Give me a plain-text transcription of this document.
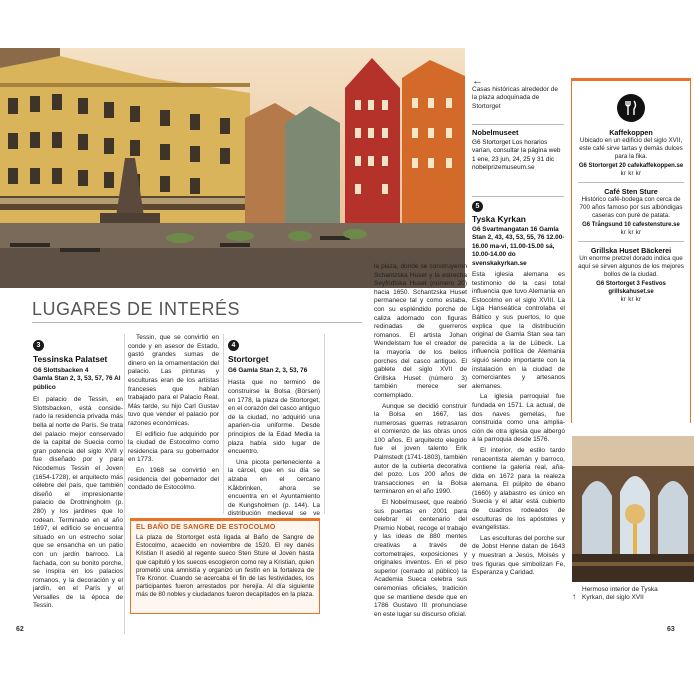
←
Casas históricas alrededor de la plaza adoquinada de Stortorget
Nobelmuseet
G6 Stortorget Los horarios varían, consultar la página web 1 ene, 23 jun, 24, 25 y 31 dic nobelprizemuseum.se
5
Tyska Kyrkan
G6 Svartmangatan 16 Gamla Stan 2, 43, 43, 53, 55, 76 12.00-16.00 ma-vi, 11.00-15.00 sá, 10.00-14.00 do svenskakyrkan.se

Esta iglesia alemana es testimonio de la casi total influencia que tuvo Alemania en Estocolmo en el siglo XVIII. La Liga Hanseática controlaba el Báltico y sus puertos, lo que explica que la distribución original de Gamla Stan sea tan parecida a la de Lübeck. La influencia política de Alemania siguió siendo importante con la instalación en la ciudad de comerciantes y artesanos alemanes.

La iglesia parroquial fue fundada en 1571. La actual, de dos naves gemelas, fue construida como una amplia-ción de otra iglesia que albergó a la parroquia desde 1576.

El interior, de estilo tardo renacentista alemán y barroco, contiene la galería real, aña-dida en 1672 para la realeza alemana. El púlpito de ébano (1660) y alabastro es único en Suecia y el altar está cubierto de cuadros rodeados de esculturas de los apóstoles y evangelistas.

Las esculturas del porche sur de Jobst Henne datan de 1643 y muestran a Jesús, Moisés y tres figuras que simbolizan Fe, Esperanza y Caridad.

Kaffekoppen
Ubicado en un edificio del siglo XVII, este café sirve tartas y demás dulces para la fika.
G6 Stortorget 20 cafekaffekoppen.se
kr kr kr
Café Sten Sture
Histórico café-bodega con cerca de 700 años famoso por sus albóndigas caseras con puré de patata.
G6 Trångsund 10 cafestensture.se
kr kr kr
Grillska Huset Bäckerei
Un enorme pretzel dorado indica que aquí se sirven algunos de los mejores bollos de la ciudad.
G6 Stortorget 3 Festivos grillskahuset.se
kr kr kr
↑
Hermoso interior de Tyska Kyrkan, del siglo XVII
LUGARES DE INTERÉS
3
Tessinska Palatset
G6 Slottsbacken 4
Gamla Stan 2, 3, 53, 57, 76 Al público

El palacio de Tessin, en Slottsbacken, está conside-rado la residencia privada más bella al norte de París. Se trata del palacio mejor conservado de la capital de Suecia como gran potencia del siglo XVII y fue diseñado por y para Nicodemus Tessin el Joven (1654-1728), el arquitecto más célebre del país, que también diseñó el impresionante palacio de Drottningholm (p. 280) y los jardines que lo rodean. Terminado en el año 1697, el edificio se encuentra situado en un estrecho solar que se ensancha en un patio con un jardín barroco. La fachada, con su bonito porche, se inspira en los palacios romanos, y la decoración y el jardín, en el París y el Versalles de la época de Tessin.

Tessin, que se convirtió en conde y en asesor de Estado, gastó grandes sumas de dinero en la ornamentación del palacio. Las pinturas y esculturas eran de los artistas franceses que habían trabajado para el Palacio Real. Más tarde, su hijo Carl Gustav tuvo que vender el palacio por razones económicas.

El edificio fue adquirido por la ciudad de Estocolmo como residencia para su gobernador en 1773.

En 1968 se convirtió en residencia del gobernador del condado de Estocolmo.

4
Stortorget
G6 Gamla Stan 2, 3, 53, 76

Hasta que no terminó de construirse la Bolsa (Börsen) en 1778, la plaza de Stortorget, en el corazón del casco antiguo de la ciudad, no adquirió una aparien-cia uniforme. Desde principios de la Edad Media la plaza había sido lugar de encuentro.

Una picota perteneciente a la cárcel, que en su día se alzaba en el cercano Kåkbrinken, ahora se encuentra en el Ayuntamiento de Kungsholmen (p. 144). La distribución medieval se ve

la plaza, donde se construyeron Schantzska Huset y la estrecha Seyfridtska Huset (número 20) hacia 1650. Schantzska Huset permanece tal y como estaba, con su espléndido porche de caliza adornado con figuras redinadas de guerreros romanos. El artista Johan Wendelstam fue el creador de la mayoría de los bellos porches del casco antiguo. El gablete del siglo XVII de Grillska Huset (número 3) también merece ser contemplado.

Aunque se decidió construir la Bolsa en 1667, las numerosas guerras retrasaron el comienzo de las obras unos 100 años. El arquitecto elegido fue el joven talento Erik Palmstedt (1741-1803), también autor de la cubierta decorativa del pozo. Los 200 años de transacciones en la Bolsa terminaron en el año 1990.

El Nobelmuseet, que reabrió sus puertas en 2001 para celebrar el centenario del Premio Nobel, recoge el trabajo y las ideas de 880 mentes creativas a través de cortometrajes, exposiciones y originales inventos. En el piso superior (cerrado al público) la Academia Sueca celebra sus ceremonias oficiales, tradición que se mantiene desde que en 1786 Gustavo III pronunciase en este lugar su discurso oficial.

EL BAÑO DE SANGRE DE ESTOCOLMO
La plaza de Stortorget está ligada al Baño de Sangre de Estocolmo, acaecido en noviembre de 1520. El rey danés Kristian II asedió al regente sueco Sten Sture el Joven hasta que capituló y los suecos escogieron como rey a Kristian, quien prometió una amnistía y organizó un festín en la fortaleza de Tre Kronor. Cuando se acercaba el fin de las festividades, los participantes fueron arrestados por herejía. Al día siguiente más de 80 nobles y ciudadanos fueron decapitados en la plaza.
62	63
